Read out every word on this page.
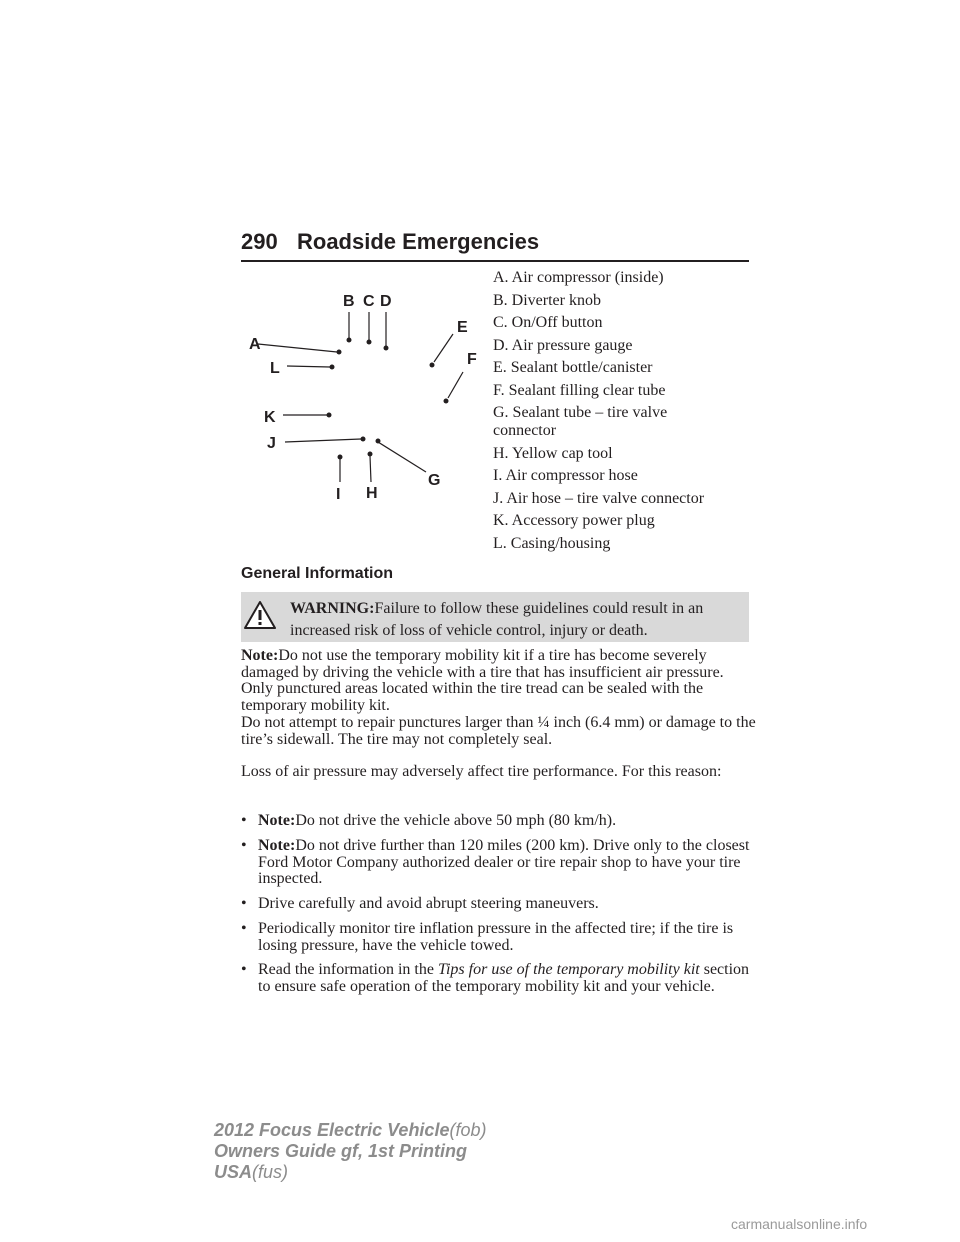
290 Roadside Emergencies
A
B C D
E
F
G
H
I
J
K
L
A. Air compressor (inside)
B. Diverter knob
C. On/Off button
D. Air pressure gauge
E. Sealant bottle/canister
F. Sealant filling clear tube
G. Sealant tube – tire valve connector
H. Yellow cap tool
I. Air compressor hose
J. Air hose – tire valve connector
K. Accessory power plug
L. Casing/housing
General Information
WARNING:Failure to follow these guidelines could result in an increased risk of loss of vehicle control, injury or death.
Note:Do not use the temporary mobility kit if a tire has become severely damaged by driving the vehicle with a tire that has insufficient air pressure. Only punctured areas located within the tire tread can be sealed with the temporary mobility kit.
Do not attempt to repair punctures larger than ¼ inch (6.4 mm) or damage to the tire’s sidewall. The tire may not completely seal.
Loss of air pressure may adversely affect tire performance. For this reason:
• Note:Do not drive the vehicle above 50 mph (80 km/h).
• Note:Do not drive further than 120 miles (200 km). Drive only to the closest Ford Motor Company authorized dealer or tire repair shop to have your tire inspected.
• Drive carefully and avoid abrupt steering maneuvers.
• Periodically monitor tire inflation pressure in the affected tire; if the tire is losing pressure, have the vehicle towed.
• Read the information in the Tips for use of the temporary mobility kit section to ensure safe operation of the temporary mobility kit and your vehicle.
2012 Focus Electric Vehicle(fob)
Owners Guide gf, 1st Printing
USA(fus)
carmanualsonline.info
